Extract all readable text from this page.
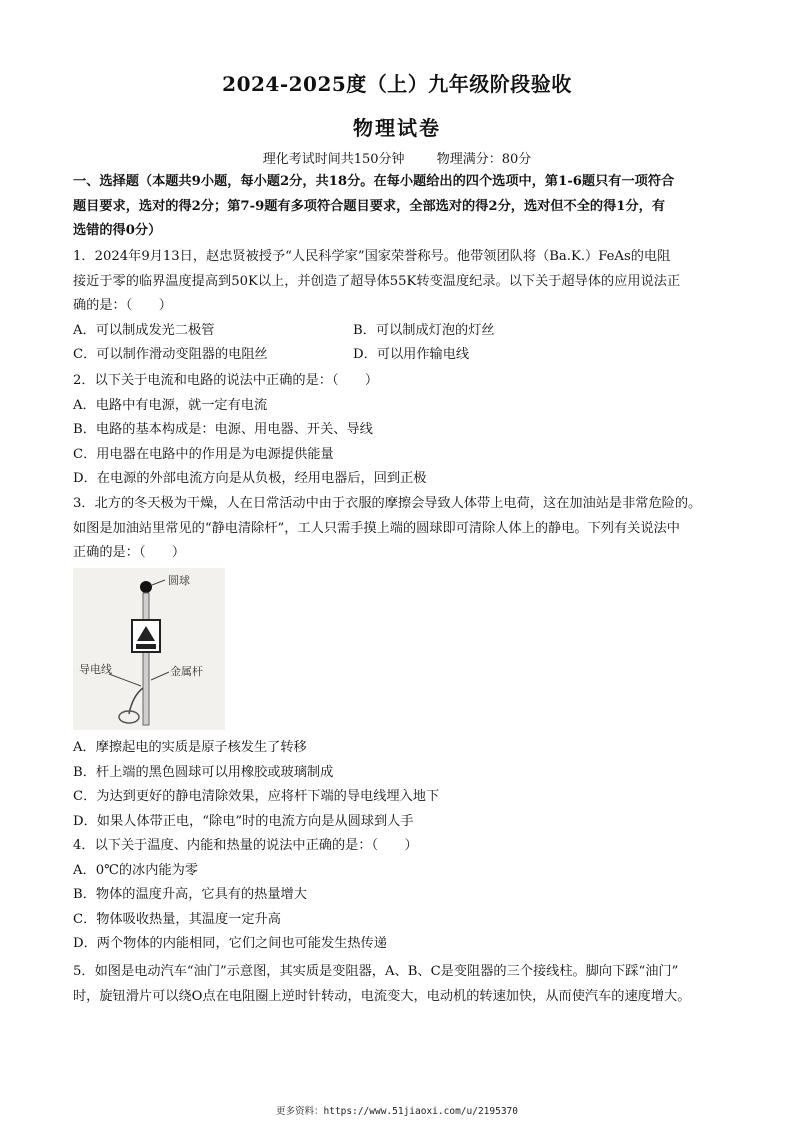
2024-2025度（上）九年级阶段验收
物理试卷
理化考试时间共150分钟 物理满分：80分
一、选择题（本题共9小题，每小题2分，共18分。在每小题给出的四个选项中，第1-6题只有一项符合
题目要求，选对的得2分；第7-9题有多项符合题目要求，全部选对的得2分，选对但不全的得1分，有
选错的得0分）
1．2024年9月13日，赵忠贤被授予“人民科学家”国家荣誉称号。他带领团队将（Ba.K.）FeAs的电阻
接近于零的临界温度提高到50K以上，并创造了超导体55K转变温度纪录。以下关于超导体的应用说法正
确的是：（　　）
A．可以制成发光二极管	B．可以制成灯泡的灯丝
C．可以制作滑动变阻器的电阻丝	D．可以用作输电线
2．以下关于电流和电路的说法中正确的是：（　　）
A．电路中有电源，就一定有电流
B．电路的基本构成是：电源、用电器、开关、导线
C．用电器在电路中的作用是为电源提供能量
D．在电源的外部电流方向是从负极，经用电器后，回到正极
3．北方的冬天极为干燥，人在日常活动中由于衣服的摩擦会导致人体带上电荷，这在加油站是非常危险的。
如图是加油站里常见的“静电清除杆”，工人只需手摸上端的圆球即可清除人体上的静电。下列有关说法中
正确的是：（　　）
圆球
导电线	金属杆
A．摩擦起电的实质是原子核发生了转移
B．杆上端的黑色圆球可以用橡胶或玻璃制成
C．为达到更好的静电清除效果，应将杆下端的导电线埋入地下
D．如果人体带正电，“除电”时的电流方向是从圆球到人手
4．以下关于温度、内能和热量的说法中正确的是：（　　）
A．0℃的冰内能为零
B．物体的温度升高，它具有的热量增大
C．物体吸收热量，其温度一定升高
D．两个物体的内能相同，它们之间也可能发生热传递
5．如图是电动汽车“油门”示意图，其实质是变阻器，A、B、C是变阻器的三个接线柱。脚向下踩“油门”
时，旋钮滑片可以绕O点在电阻圈上逆时针转动，电流变大，电动机的转速加快，从而使汽车的速度增大。
更多资料：https://www.51jiaoxi.com/u/2195370
